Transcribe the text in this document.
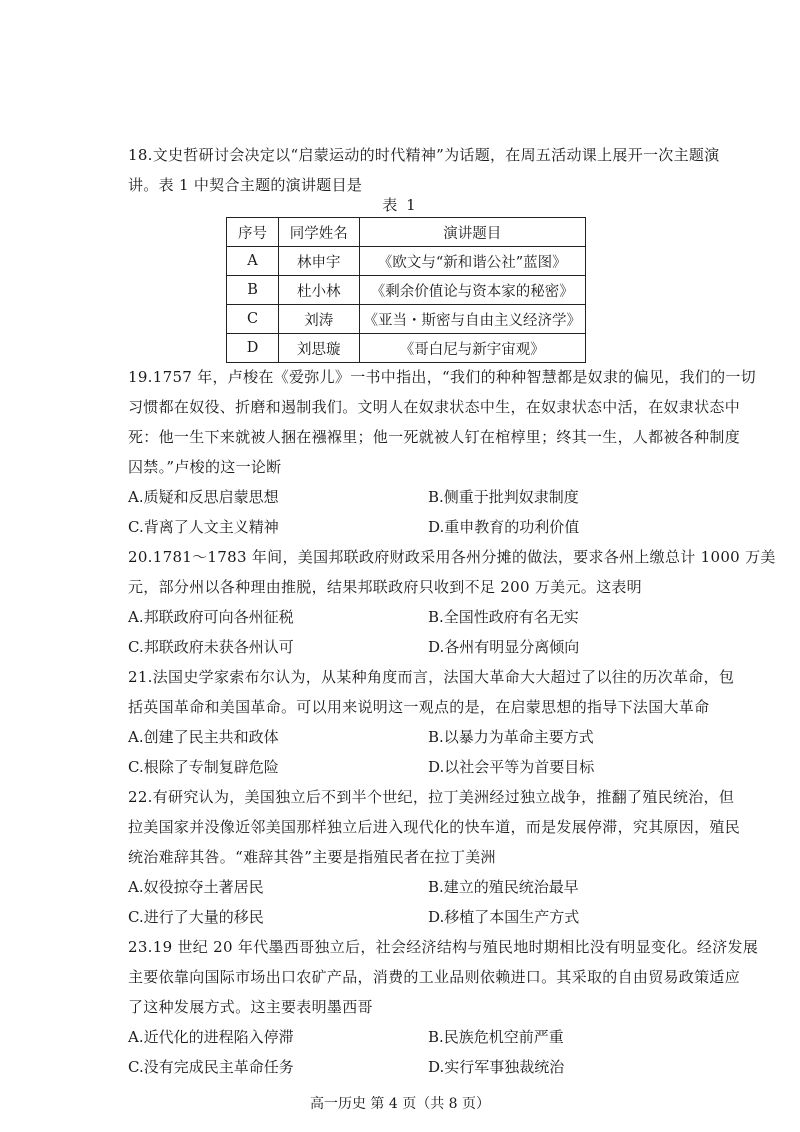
18.文史哲研讨会决定以“启蒙运动的时代精神”为话题，在周五活动课上展开一次主题演
讲。表 1 中契合主题的演讲题目是
表 1
序号	同学姓名	演讲题目
A	林申宇	《欧文与“新和谐公社”蓝图》
B	杜小林	《剩余价值论与资本家的秘密》
C	刘涛	《亚当・斯密与自由主义经济学》
D	刘思璇	《哥白尼与新宇宙观》
19.1757 年，卢梭在《爱弥儿》一书中指出，“我们的种种智慧都是奴隶的偏见，我们的一切
习惯都在奴役、折磨和遏制我们。文明人在奴隶状态中生，在奴隶状态中活，在奴隶状态中
死：他一生下来就被人捆在襁褓里；他一死就被人钉在棺椁里；终其一生，人都被各种制度
囚禁。”卢梭的这一论断
A.质疑和反思启蒙思想	B.侧重于批判奴隶制度
C.背离了人文主义精神	D.重申教育的功利价值
20.1781～1783 年间，美国邦联政府财政采用各州分摊的做法，要求各州上缴总计 1000 万美
元，部分州以各种理由推脱，结果邦联政府只收到不足 200 万美元。这表明
A.邦联政府可向各州征税	B.全国性政府有名无实
C.邦联政府未获各州认可	D.各州有明显分离倾向
21.法国史学家索布尔认为，从某种角度而言，法国大革命大大超过了以往的历次革命，包
括英国革命和美国革命。可以用来说明这一观点的是，在启蒙思想的指导下法国大革命
A.创建了民主共和政体	B.以暴力为革命主要方式
C.根除了专制复辟危险	D.以社会平等为首要目标
22.有研究认为，美国独立后不到半个世纪，拉丁美洲经过独立战争，推翻了殖民统治，但
拉美国家并没像近邻美国那样独立后进入现代化的快车道，而是发展停滞，究其原因，殖民
统治难辞其咎。“难辞其咎”主要是指殖民者在拉丁美洲
A.奴役掠夺土著居民	B.建立的殖民统治最早
C.进行了大量的移民	D.移植了本国生产方式
23.19 世纪 20 年代墨西哥独立后，社会经济结构与殖民地时期相比没有明显变化。经济发展
主要依靠向国际市场出口农矿产品，消费的工业品则依赖进口。其采取的自由贸易政策适应
了这种发展方式。这主要表明墨西哥
A.近代化的进程陷入停滞	B.民族危机空前严重
C.没有完成民主革命任务	D.实行军事独裁统治
高一历史 第 4 页（共 8 页）
